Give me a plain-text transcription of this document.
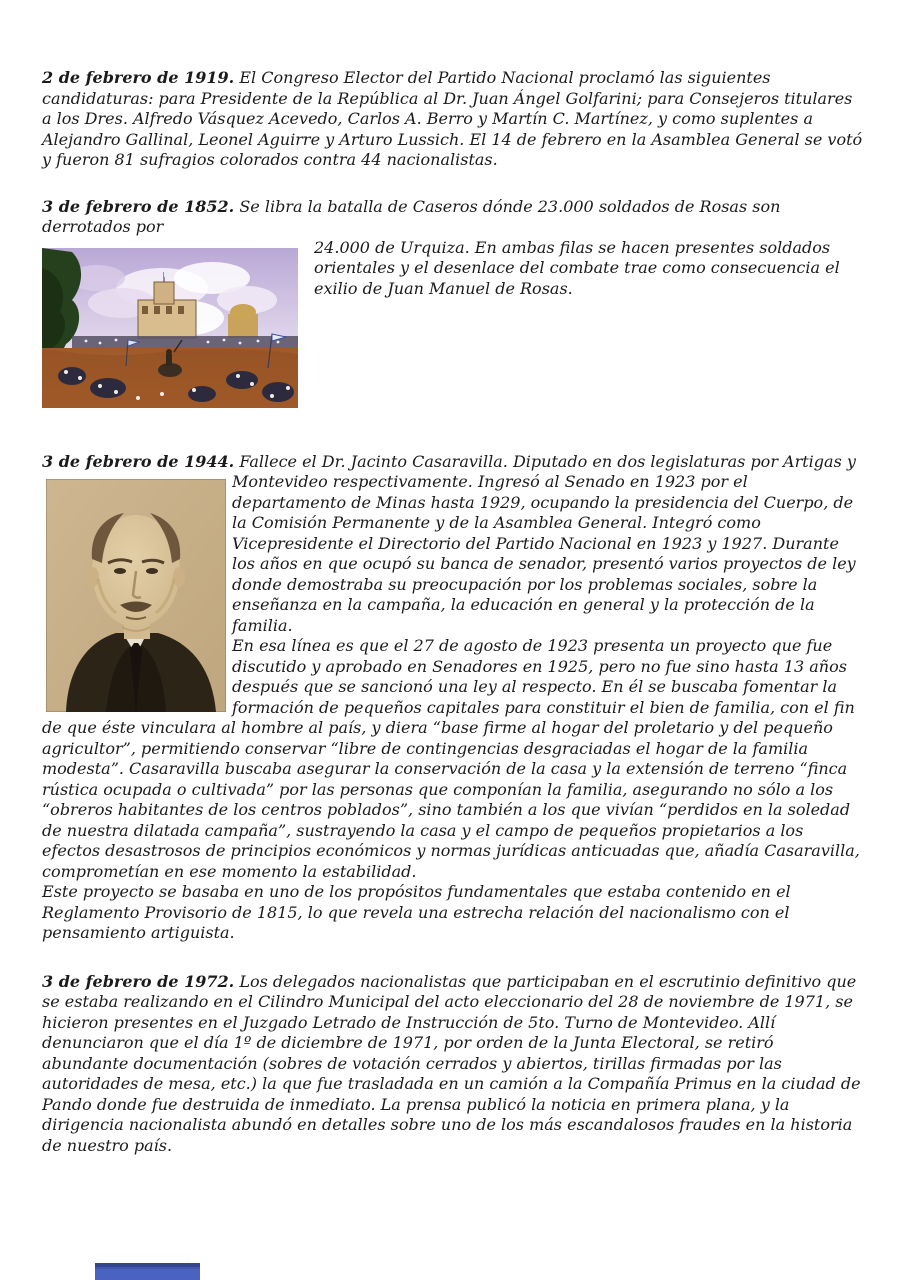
2 de febrero de 1919. El Congreso Elector del Partido Nacional proclamó las siguientes candidaturas: para Presidente de la República al Dr. Juan Ángel Golfarini; para Consejeros titulares a los Dres. Alfredo Vásquez Acevedo, Carlos A. Berro y Martín C. Martínez, y como suplentes a Alejandro Gallinal, Leonel Aguirre y Arturo Lussich. El 14 de febrero en la Asamblea General se votó y fueron 81 sufragios colorados contra 44 nacionalistas.

3 de febrero de 1852. Se libra la batalla de Caseros dónde 23.000 soldados de Rosas son derrotados por

24.000 de Urquiza. En ambas filas se hacen presentes soldados orientales y el desenlace del combate trae como consecuencia el exilio de Juan Manuel de Rosas.

3 de febrero de 1944. Fallece el Dr. Jacinto Casaravilla. Diputado en dos legislaturas por Artigas y

Montevideo respectivamente. Ingresó al Senado en 1923 por el departamento de Minas hasta 1929, ocupando la presidencia del Cuerpo, de la Comisión Permanente y de la Asamblea General. Integró como Vicepresidente el Directorio del Partido Nacional en 1923 y 1927. Durante los años en que ocupó su banca de senador, presentó varios proyectos de ley donde demostraba su preocupación por los problemas sociales, sobre la enseñanza en la campaña, la educación en general y la protección de la familia.
En esa línea es que el 27 de agosto de 1923 presenta un proyecto que fue discutido y aprobado en Senadores en 1925, pero no fue sino hasta 13 años después que se sancionó una ley al respecto. En él se buscaba fomentar la formación de pequeños capitales para constituir el bien de familia, con el fin de que éste vinculara al hombre al país, y diera “base firme al hogar del proletario y del pequeño agricultor”, permitiendo conservar “libre de contingencias desgraciadas el hogar de la familia modesta”. Casaravilla buscaba asegurar la conservación de la casa y la extensión de terreno “finca rústica ocupada o cultivada” por las personas que componían la familia, asegurando no sólo a los “obreros habitantes de los centros poblados”, sino también a los que vivían “perdidos en la soledad de nuestra dilatada campaña”, sustrayendo la casa y el campo de pequeños propietarios a los efectos desastrosos de principios económicos y normas jurídicas anticuadas que, añadía Casaravilla, comprometían en ese momento la estabilidad.
Este proyecto se basaba en uno de los propósitos fundamentales que estaba contenido en el Reglamento Provisorio de 1815, lo que revela una estrecha relación del nacionalismo con el pensamiento artiguista.

3 de febrero de 1972. Los delegados nacionalistas que participaban en el escrutinio definitivo que se estaba realizando en el Cilindro Municipal del acto eleccionario del 28 de noviembre de 1971, se hicieron presentes en el Juzgado Letrado de Instrucción de 5to. Turno de Montevideo. Allí denunciaron que el día 1º de diciembre de 1971, por orden de la Junta Electoral, se retiró abundante documentación (sobres de votación cerrados y abiertos, tirillas firmadas por las autoridades de mesa, etc.) la que fue trasladada en un camión a la Compañía Primus en la ciudad de Pando donde fue destruida de inmediato. La prensa publicó la noticia en primera plana, y la dirigencia nacionalista abundó en detalles sobre uno de los más escandalosos fraudes en la historia de nuestro país.
